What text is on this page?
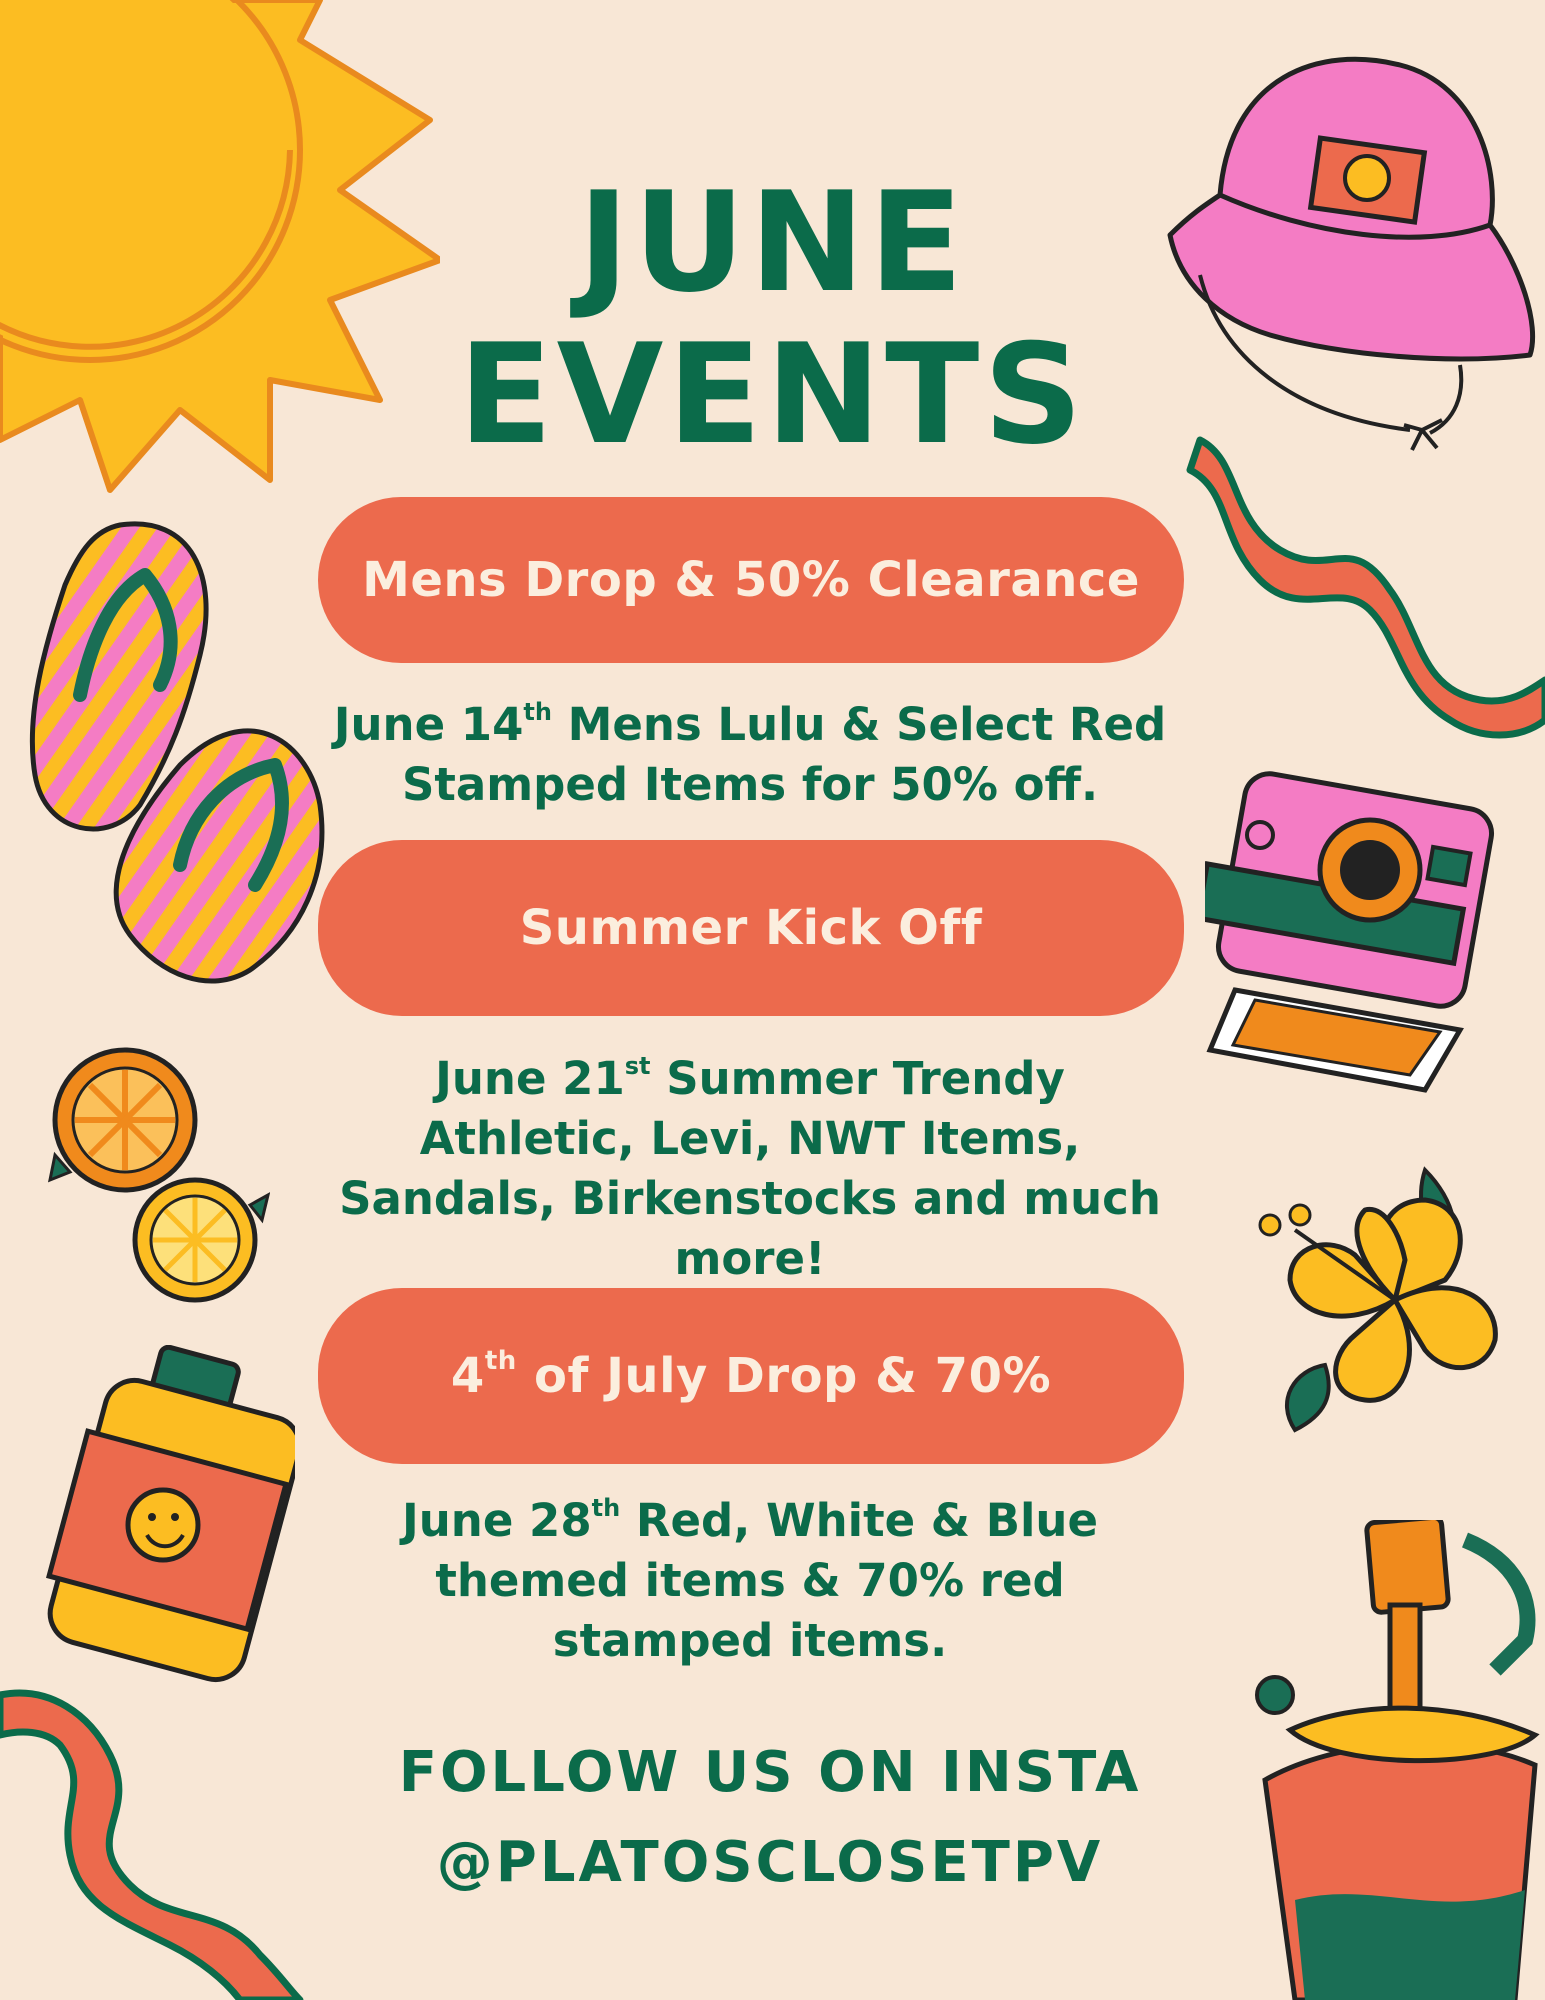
JUNE
EVENTS
Mens Drop & 50% Clearance
June 14th Mens Lulu & Select Red
Stamped Items for 50% off.
Summer Kick Off
June 21st Summer Trendy
Athletic, Levi, NWT Items,
Sandals, Birkenstocks and much
more!
4th of July Drop & 70%
June 28th Red, White & Blue
themed items & 70% red
stamped items.
FOLLOW US ON INSTA
@PLATOSCLOSETPV
